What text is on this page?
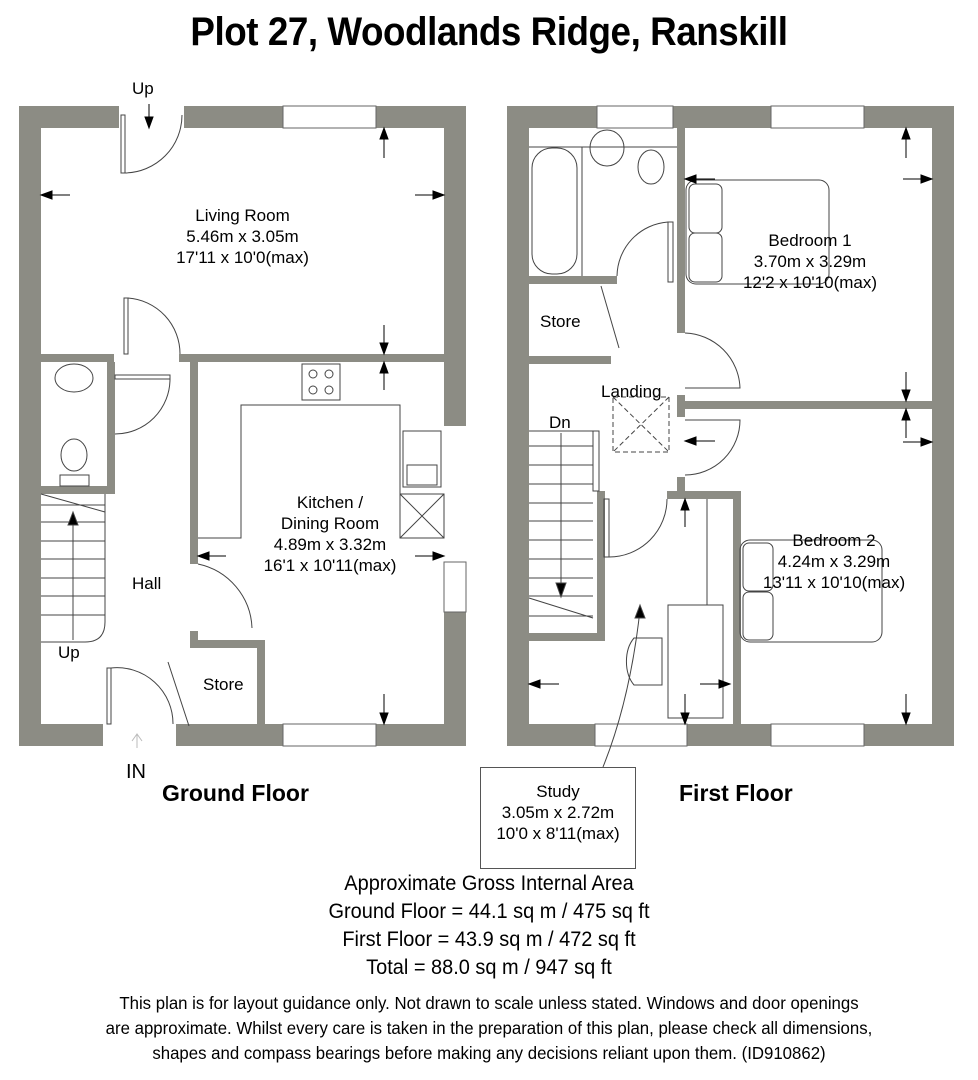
Plot 27, Woodlands Ridge, Ranskill
Up
Living Room
5.46m x 3.05m
17'11 x 10'0(max)
Kitchen /
Dining Room
4.89m x 3.32m
16'1 x 10'11(max)
Hall
Up
Store
IN
Ground Floor
Bedroom 1
3.70m x 3.29m
12'2 x 10'10(max)
Store
Landing
Dn
Bedroom 2
4.24m x 3.29m
13'11 x 10'10(max)
Study
3.05m x 2.72m
10'0 x 8'11(max)
First Floor
Approximate Gross Internal Area
Ground Floor = 44.1 sq m / 475 sq ft
First Floor = 43.9 sq m / 472 sq ft
Total = 88.0 sq m / 947 sq ft
This plan is for layout guidance only. Not drawn to scale unless stated. Windows and door openings
are approximate. Whilst every care is taken in the preparation of this plan, please check all dimensions,
shapes and compass bearings before making any decisions reliant upon them. (ID910862)
